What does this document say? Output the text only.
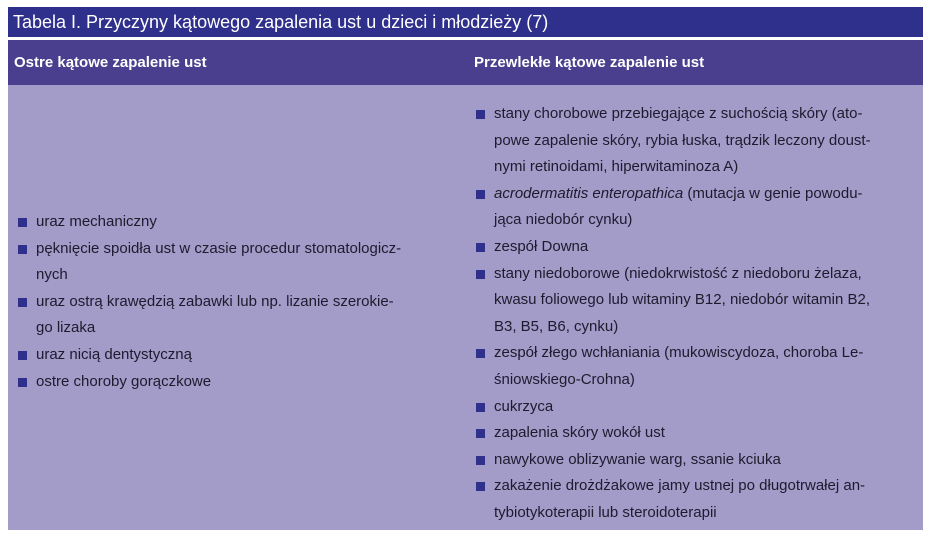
Tabela I. Przyczyny kątowego zapalenia ust u dzieci i młodzieży (7)
Ostre kątowe zapalenie ust	Przewlekłe kątowe zapalenie ust
uraz mechaniczny
pęknięcie spoidła ust w czasie procedur stomatologicz-
nych
uraz ostrą krawędzią zabawki lub np. lizanie szerokie-
go lizaka
uraz nicią dentystyczną
ostre choroby gorączkowe
stany chorobowe przebiegające z suchością skóry (ato-
powe zapalenie skóry, rybia łuska, trądzik leczony doust-
nymi retinoidami, hiperwitaminoza A)
acrodermatitis enteropathica (mutacja w genie powodu-
jąca niedobór cynku)
zespół Downa
stany niedoborowe (niedokrwistość z niedoboru żelaza,
kwasu foliowego lub witaminy B12, niedobór witamin B2,
B3, B5, B6, cynku)
zespół złego wchłaniania (mukowiscydoza, choroba Le-
śniowskiego-Crohna)
cukrzyca
zapalenia skóry wokół ust
nawykowe oblizywanie warg, ssanie kciuka
zakażenie drożdżakowe jamy ustnej po długotrwałej an-
tybiotykoterapii lub steroidoterapii
